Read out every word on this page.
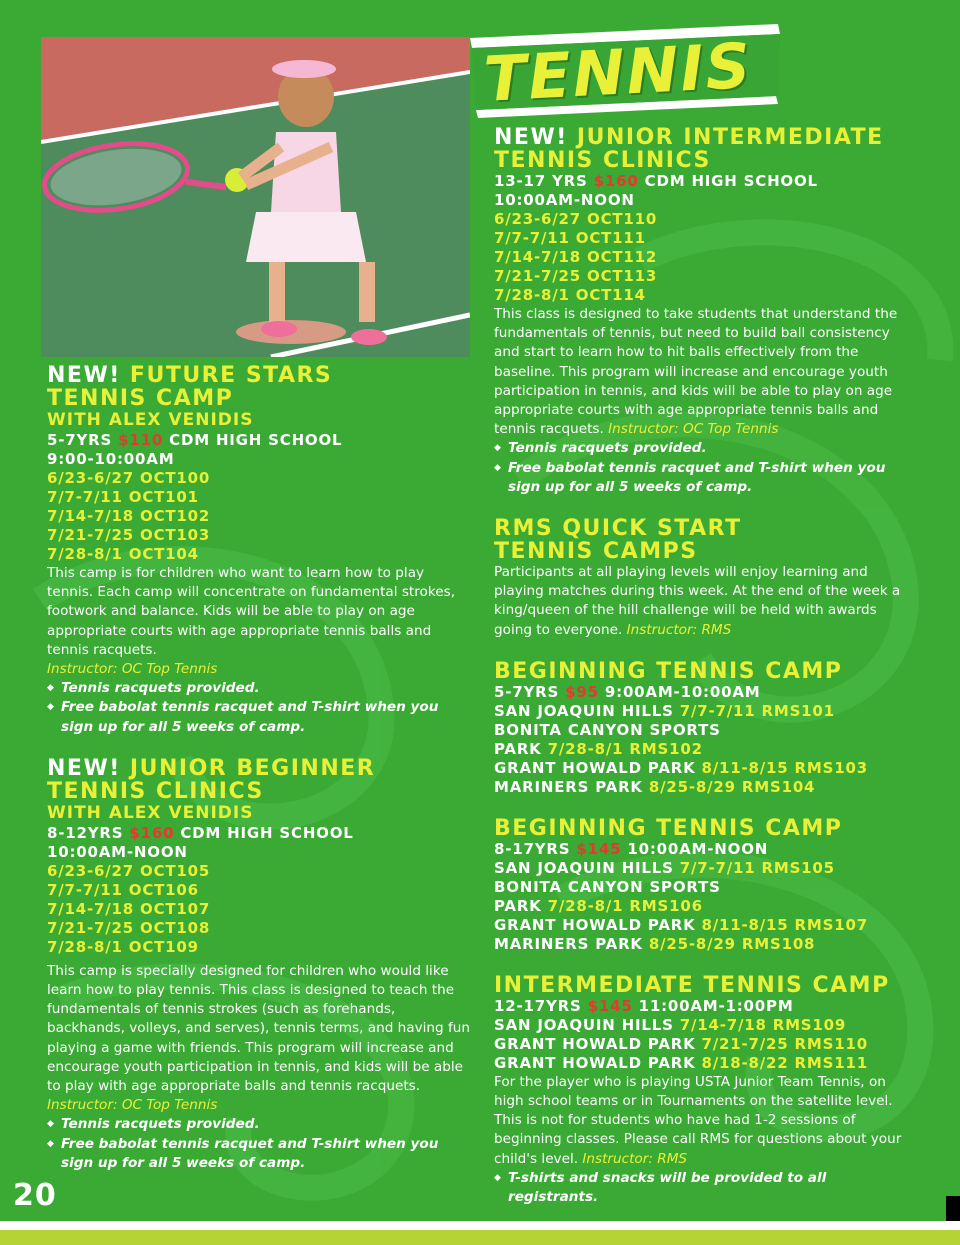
TENNIS
NEW! FUTURE STARS
TENNIS CAMP
WITH ALEX VENIDIS
5-7YRS $110 CDM HIGH SCHOOL
9:00-10:00AM
6/23-6/27 OCT100
7/7-7/11 OCT101
7/14-7/18 OCT102
7/21-7/25 OCT103
7/28-8/1 OCT104

This camp is for children who want to learn how to play tennis. Each camp will concentrate on fundamental strokes, footwork and balance. Kids will be able to play on age appropriate courts with age appropriate tennis balls and tennis racquets.

Instructor: OC Top Tennis

◆ Tennis racquets provided.
◆ Free babolat tennis racquet and T-shirt when you sign up for all 5 weeks of camp.
NEW! JUNIOR BEGINNER
TENNIS CLINICS
WITH ALEX VENIDIS
8-12YRS $160 CDM HIGH SCHOOL
10:00AM-NOON
6/23-6/27 OCT105
7/7-7/11 OCT106
7/14-7/18 OCT107
7/21-7/25 OCT108
7/28-8/1 OCT109

This camp is specially designed for children who would like learn how to play tennis. This class is designed to teach the fundamentals of tennis strokes (such as forehands, backhands, volleys, and serves), tennis terms, and having fun playing a game with friends. This program will increase and encourage youth participation in tennis, and kids will be able to play with age appropriate balls and tennis racquets. Instructor: OC Top Tennis

◆ Tennis racquets provided.
◆ Free babolat tennis racquet and T-shirt when you sign up for all 5 weeks of camp.
NEW! JUNIOR INTERMEDIATE
TENNIS CLINICS
13-17 YRS $160 CDM HIGH SCHOOL
10:00AM-NOON
6/23-6/27 OCT110
7/7-7/11 OCT111
7/14-7/18 OCT112
7/21-7/25 OCT113
7/28-8/1 OCT114

This class is designed to take students that understand the fundamentals of tennis, but need to build ball consistency and start to learn how to hit balls effectively from the baseline. This program will increase and encourage youth participation in tennis, and kids will be able to play on age appropriate courts with age appropriate tennis balls and tennis racquets. Instructor: OC Top Tennis

◆ Tennis racquets provided.
◆ Free babolat tennis racquet and T-shirt when you sign up for all 5 weeks of camp.
RMS QUICK START
TENNIS CAMPS

Participants at all playing levels will enjoy learning and playing matches during this week. At the end of the week a king/queen of the hill challenge will be held with awards going to everyone. Instructor: RMS

BEGINNING TENNIS CAMP
5-7YRS $95 9:00AM-10:00AM
SAN JOAQUIN HILLS 7/7-7/11 RMS101
BONITA CANYON SPORTS
PARK 7/28-8/1 RMS102
GRANT HOWALD PARK 8/11-8/15 RMS103
MARINERS PARK 8/25-8/29 RMS104
BEGINNING TENNIS CAMP
8-17YRS $145 10:00AM-NOON
SAN JOAQUIN HILLS 7/7-7/11 RMS105
BONITA CANYON SPORTS
PARK 7/28-8/1 RMS106
GRANT HOWALD PARK 8/11-8/15 RMS107
MARINERS PARK 8/25-8/29 RMS108
INTERMEDIATE TENNIS CAMP
12-17YRS $145 11:00AM-1:00PM
SAN JOAQUIN HILLS 7/14-7/18 RMS109
GRANT HOWALD PARK 7/21-7/25 RMS110
GRANT HOWALD PARK 8/18-8/22 RMS111

For the player who is playing USTA Junior Team Tennis, on high school teams or in Tournaments on the satellite level. This is not for students who have had 1-2 sessions of beginning classes. Please call RMS for questions about your child's level. Instructor: RMS

◆ T-shirts and snacks will be provided to all registrants.
20
